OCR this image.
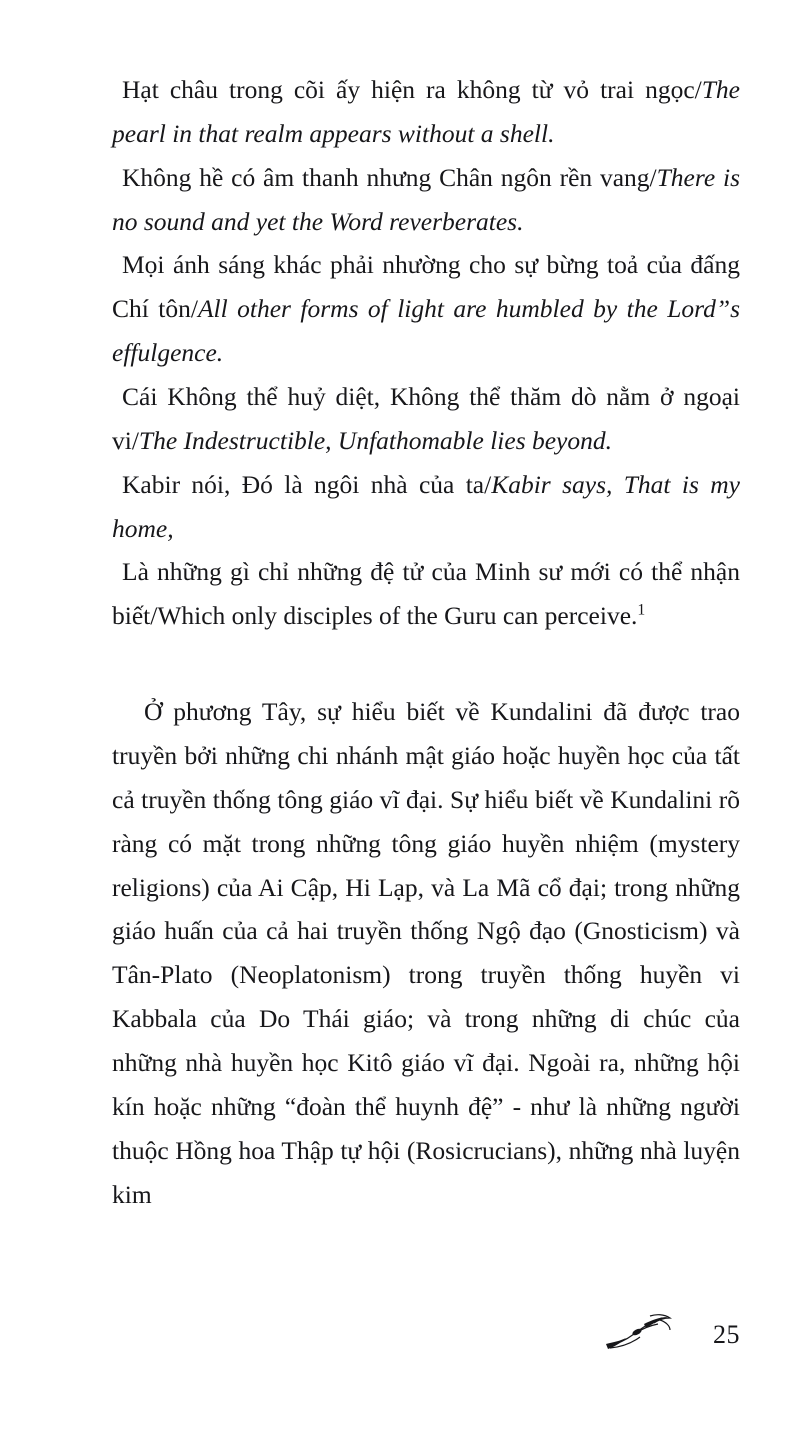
Hạt châu trong cõi ấy hiện ra không từ vỏ trai ngọc/The pearl in that realm appears without a shell.

Không hề có âm thanh nhưng Chân ngôn rền vang/There is no sound and yet the Word reverberates.

Mọi ánh sáng khác phải nhường cho sự bừng toả của đấng Chí tôn/All other forms of light are humbled by the Lord”s effulgence.

Cái Không thể huỷ diệt, Không thể thăm dò nằm ở ngoại vi/The Indestructible, Unfathomable lies beyond.

Kabir nói, Đó là ngôi nhà của ta/Kabir says, That is my home,

Là những gì chỉ những đệ tử của Minh sư mới có thể nhận biết/Which only disciples of the Guru can perceive.$^1$

Ở phương Tây, sự hiểu biết về Kundalini đã được trao truyền bởi những chi nhánh mật giáo hoặc huyền học của tất cả truyền thống tông giáo vĩ đại. Sự hiểu biết về Kundalini rõ ràng có mặt trong những tông giáo huyền nhiệm (mystery religions) của Ai Cập, Hi Lạp, và La Mã cổ đại; trong những giáo huấn của cả hai truyền thống Ngộ đạo (Gnosticism) và Tân-Plato (Neoplatonism) trong truyền thống huyền vi Kabbala của Do Thái giáo; và trong những di chúc của những nhà huyền học Kitô giáo vĩ đại. Ngoài ra, những hội kín hoặc những “đoàn thể huynh đệ” - như là những người thuộc Hồng hoa Thập tự hội (Rosicrucians), những nhà luyện kim

25
